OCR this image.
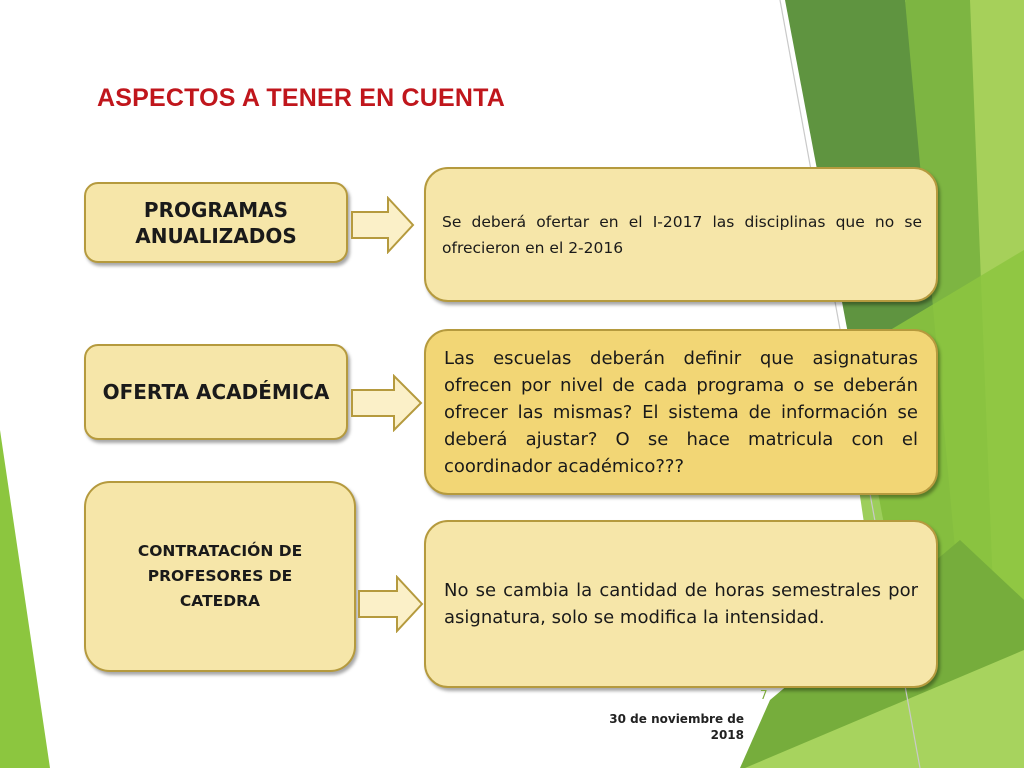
ASPECTOS A TENER EN CUENTA
PROGRAMAS ANUALIZADOS
Se deberá ofertar en el I-2017 las disciplinas que no se ofrecieron en el 2-2016
OFERTA ACADÉMICA
Las escuelas deberán definir que asignaturas ofrecen por nivel de cada programa o se deberán ofrecer las mismas? El sistema de información se deberá ajustar? O se hace matricula con el coordinador académico???
CONTRATACIÓN DE PROFESORES DE CATEDRA	No se cambia la cantidad de horas semestrales por asignatura, solo se modifica la intensidad.
7
30 de noviembre de
2018
